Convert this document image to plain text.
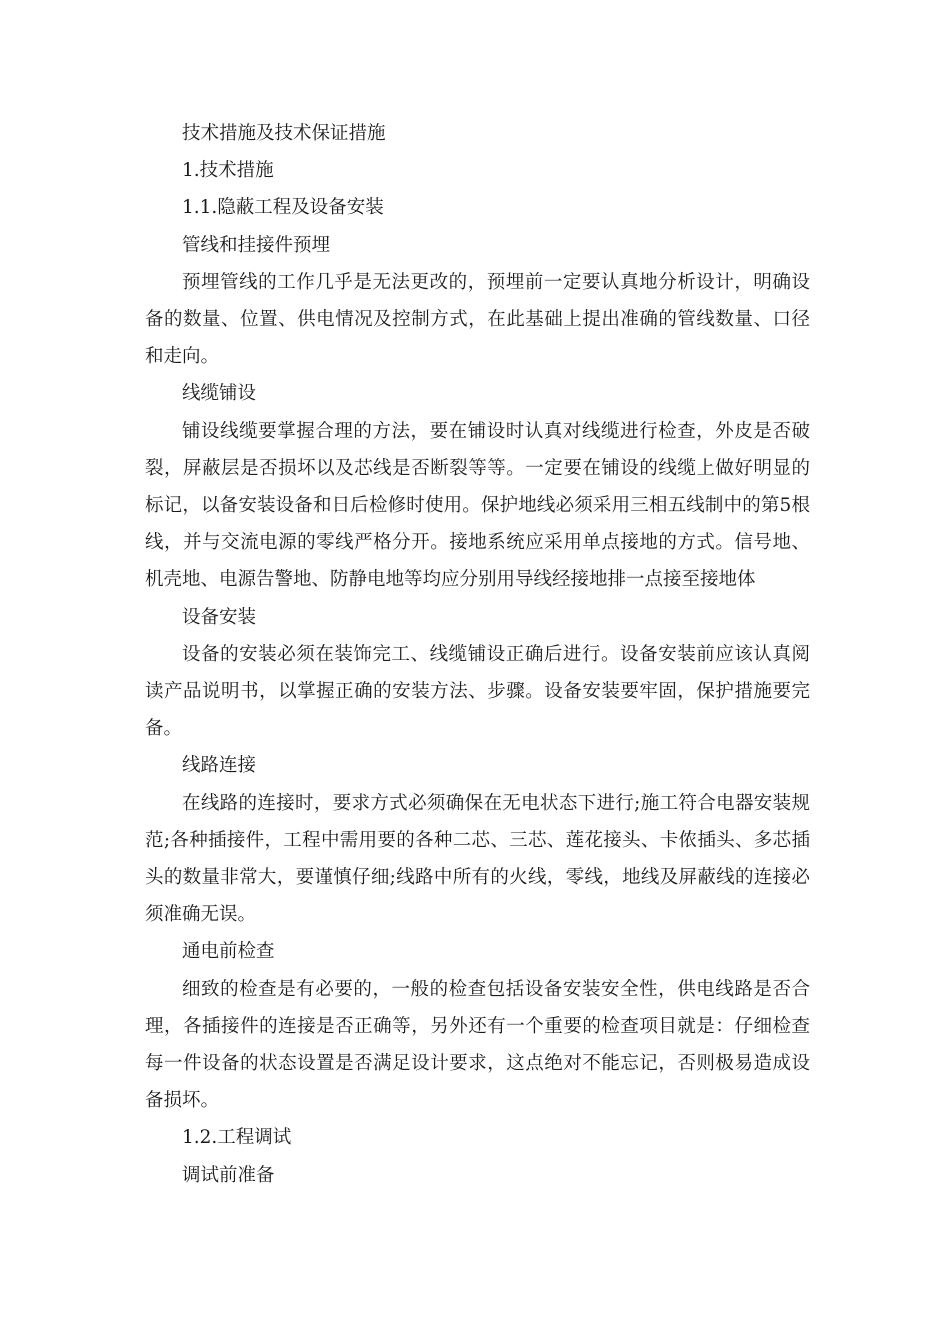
技术措施及技术保证措施

1.技术措施

1.1.隐蔽工程及设备安装

管线和挂接件预埋

预埋管线的工作几乎是无法更改的，预埋前一定要认真地分析设计，明确设备的数量、位置、供电情况及控制方式，在此基础上提出准确的管线数量、口径和走向。

线缆铺设

铺设线缆要掌握合理的方法，要在铺设时认真对线缆进行检查，外皮是否破裂，屏蔽层是否损坏以及芯线是否断裂等等。一定要在铺设的线缆上做好明显的标记，以备安装设备和日后检修时使用。保护地线必须采用三相五线制中的第5根线，并与交流电源的零线严格分开。接地系统应采用单点接地的方式。信号地、机壳地、电源告警地、防静电地等均应分别用导线经接地排一点接至接地体

设备安装

设备的安装必须在装饰完工、线缆铺设正确后进行。设备安装前应该认真阅读产品说明书，以掌握正确的安装方法、步骤。设备安装要牢固，保护措施要完备。

线路连接

在线路的连接时，要求方式必须确保在无电状态下进行;施工符合电器安装规范;各种插接件，工程中需用要的各种二芯、三芯、莲花接头、卡侬插头、多芯插头的数量非常大，要谨慎仔细;线路中所有的火线，零线，地线及屏蔽线的连接必须准确无误。

通电前检查

细致的检查是有必要的，一般的检查包括设备安装安全性，供电线路是否合理，各插接件的连接是否正确等，另外还有一个重要的检查项目就是：仔细检查每一件设备的状态设置是否满足设计要求，这点绝对不能忘记，否则极易造成设备损坏。

1.2.工程调试

调试前准备
